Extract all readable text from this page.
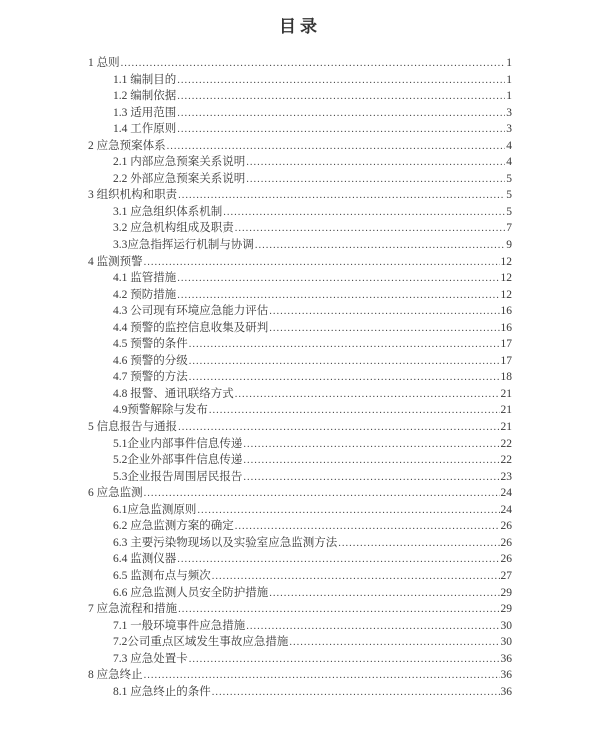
目录
1 总则 .....	1
1.1 编制目的 .....	1
1.2 编制依据 .....	1
1.3 适用范围 .....	3
1.4 工作原则 .....	3
2 应急预案体系 .....	4
2.1 内部应急预案关系说明 .....	4
2.2 外部应急预案关系说明 .....	5
3 组织机构和职责 .....	5
3.1 应急组织体系机制 .....	5
3.2 应急机构组成及职责 .....	7
3.3应急指挥运行机制与协调 .....	9
4 监测预警 .....	12
4.1 监管措施 .....	12
4.2 预防措施 .....	12
4.3 公司现有环境应急能力评估 .....	16
4.4 预警的监控信息收集及研判 .....	16
4.5 预警的条件 .....	17
4.6 预警的分级 .....	17
4.7 预警的方法 .....	18
4.8 报警、通讯联络方式 .....	21
4.9预警解除与发布 .....	21
5 信息报告与通报 .....	21
5.1企业内部事件信息传递 .....	22
5.2企业外部事件信息传递 .....	22
5.3企业报告周围居民报告 .....	23
6 应急监测 .....	24
6.1应急监测原则 .....	24
6.2 应急监测方案的确定 .....	26
6.3 主要污染物现场以及实验室应急监测方法 .....	26
6.4 监测仪器 .....	26
6.5 监测布点与频次 .....	27
6.6 应急监测人员安全防护措施 .....	29
7 应急流程和措施 .....	29
7.1 一般环境事件应急措施 .....	30
7.2公司重点区域发生事故应急措施 .....	30
7.3 应急处置卡 .....	36
8 应急终止 .....	36
8.1 应急终止的条件 .....	36
